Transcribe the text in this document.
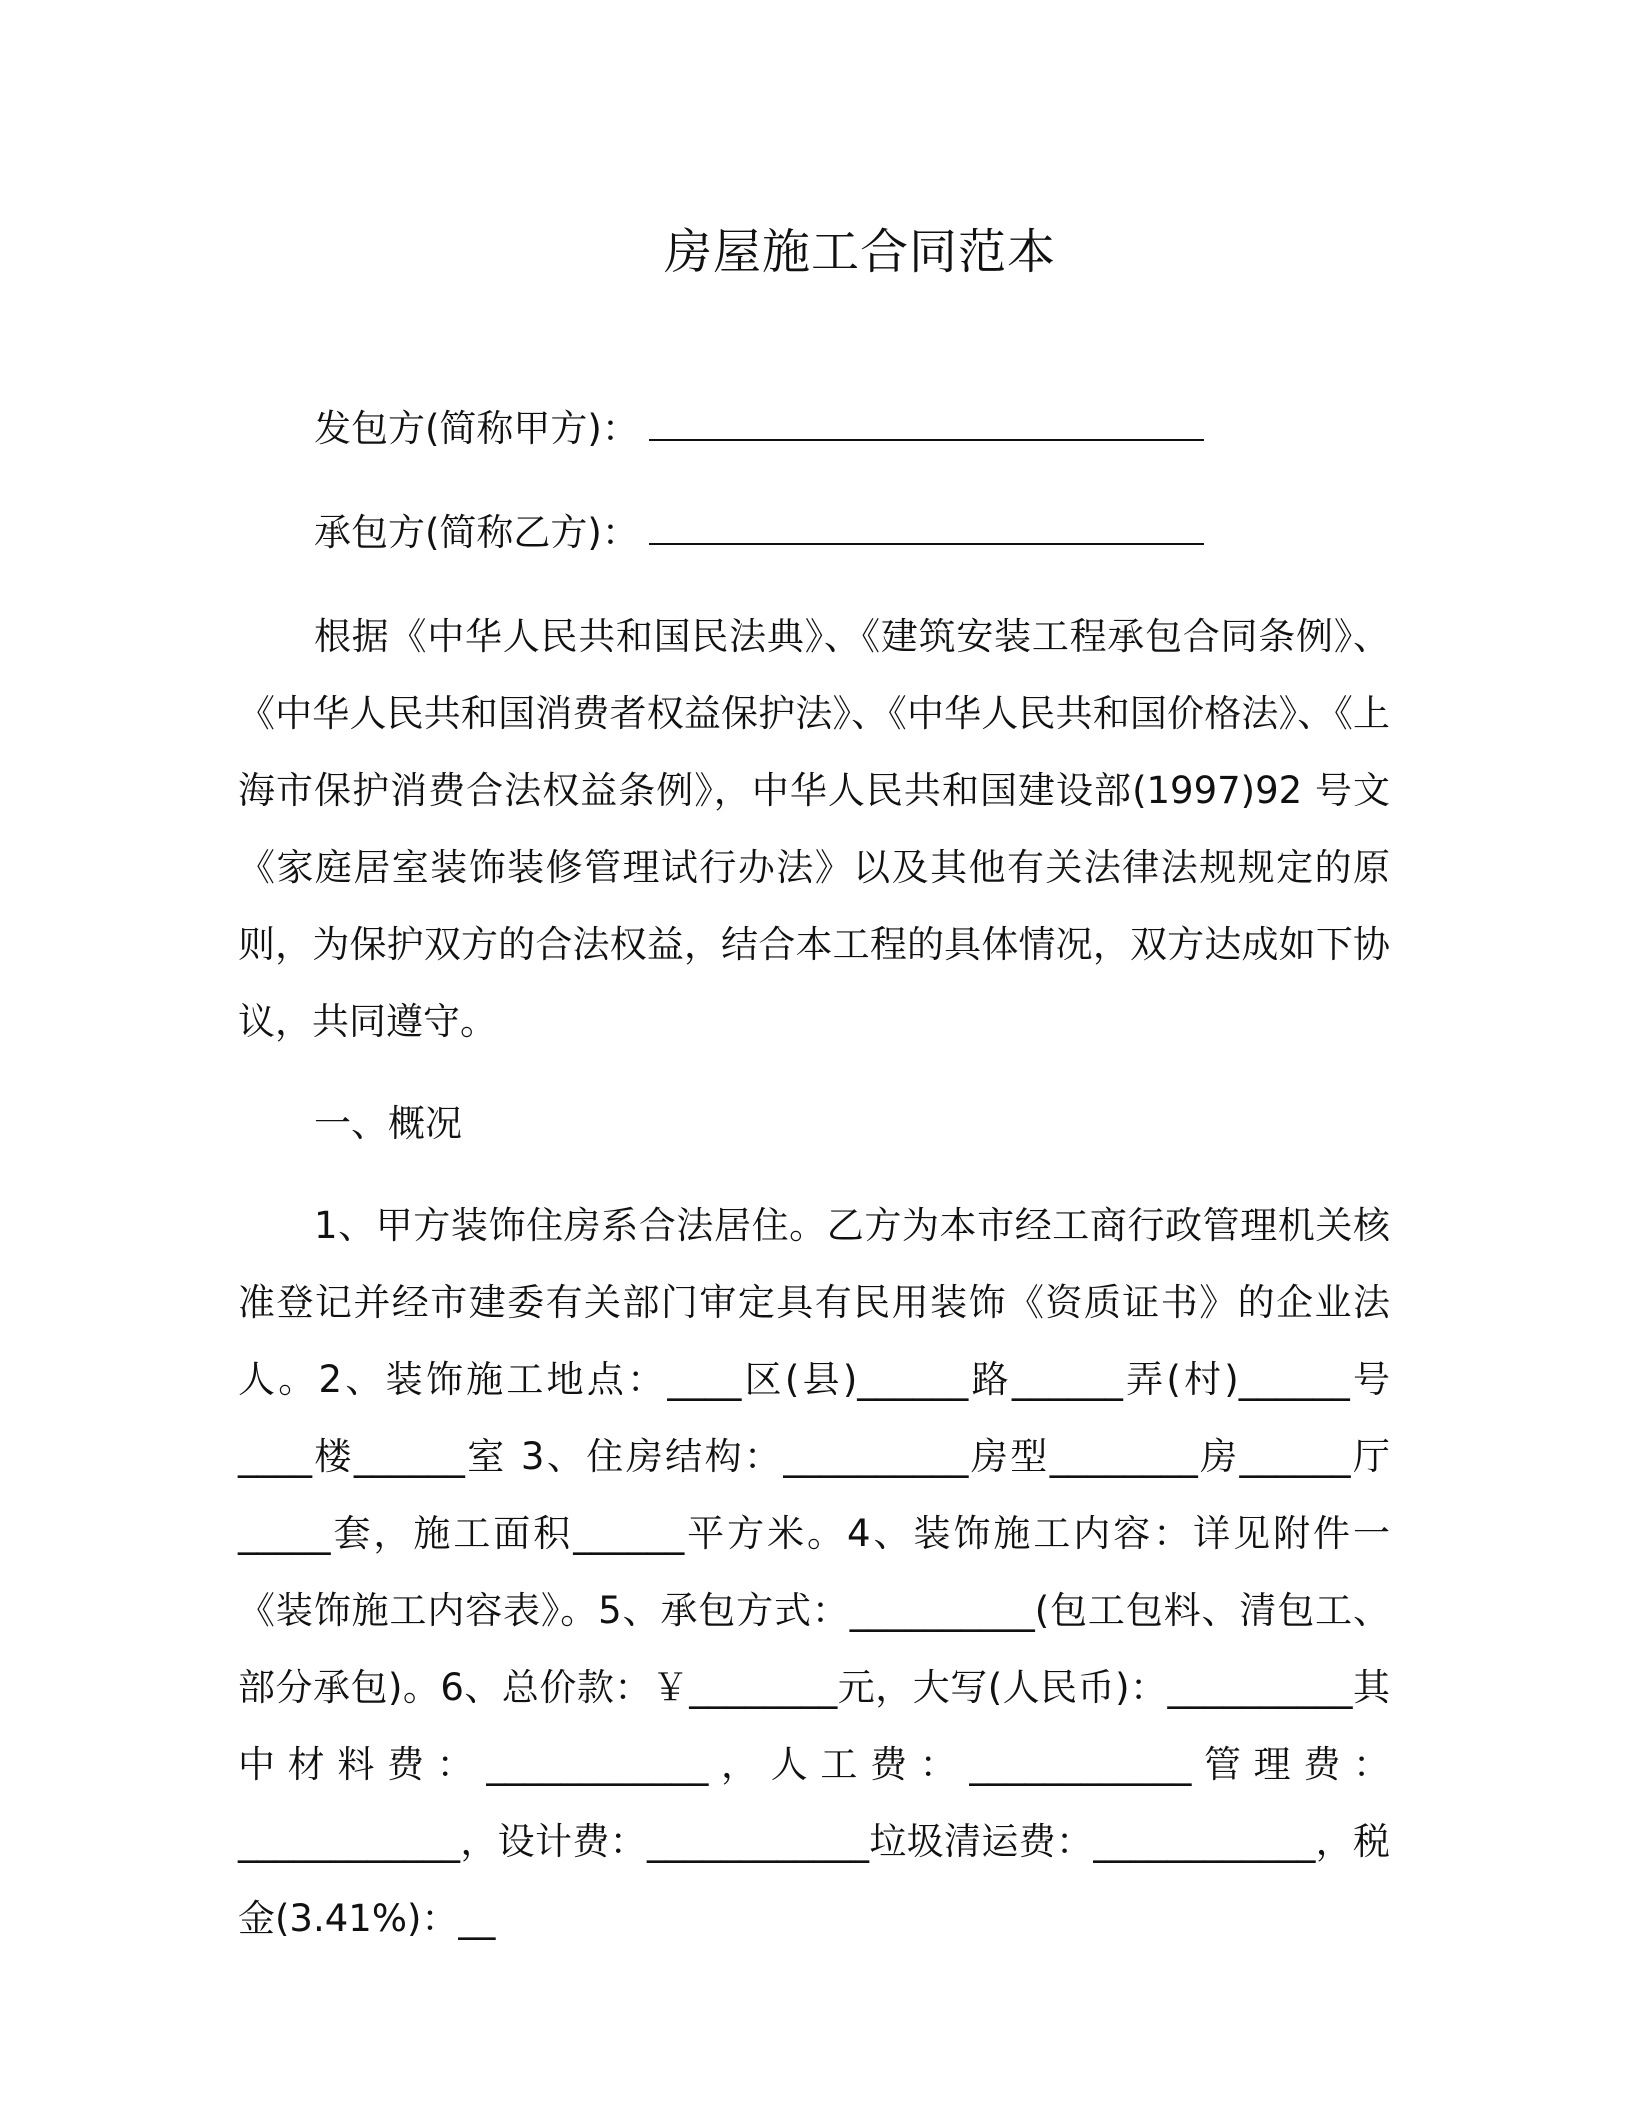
房屋施工合同范本
发包方(简称甲方)：
承包方(简称乙方)：

根据《中华人民共和国民法典》、《建筑安装工程承包合同条例》、《中华人民共和国消费者权益保护法》、《中华人民共和国价格法》、《上海市保护消费合法权益条例》，中华人民共和国建设部(1997)92 号文《家庭居室装饰装修管理试行办法》以及其他有关法律法规规定的原则，为保护双方的合法权益，结合本工程的具体情况，双方达成如下协议，共同遵守。

一、概况

1、甲方装饰住房系合法居住。乙方为本市经工商行政管理机关核准登记并经市建委有关部门审定具有民用装饰《资质证书》的企业法人。2、装饰施工地点：____区(县)______路______弄(村)______号____楼______室 3、住房结构：__________房型________房______厅_____套，施工面积______平方米。4、装饰施工内容：详见附件一《装饰施工内容表》。5、承包方式：__________(包工包料、清包工、部分承包)。6、总价款：￥________元，大写(人民币)：__________其中材料费：____________，人工费：____________管理费：____________，设计费：____________垃圾清运费：____________，税金(3.41%)：__
